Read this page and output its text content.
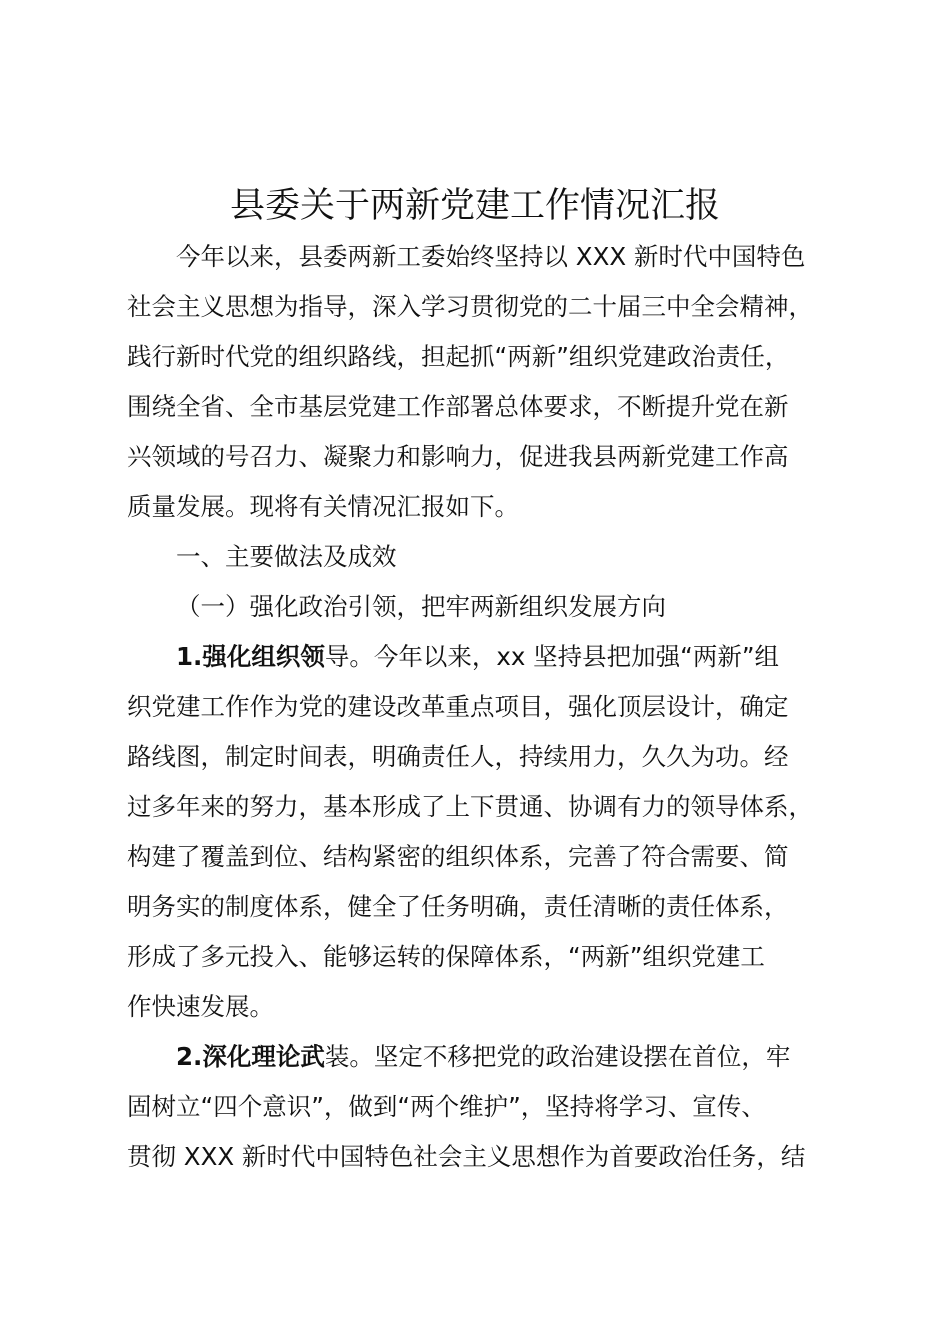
县委关于两新党建工作情况汇报
今年以来，县委两新工委始终坚持以 XXX 新时代中国特色
社会主义思想为指导，深入学习贯彻党的二十届三中全会精神，
践行新时代党的组织路线，担起抓“两新”组织党建政治责任，
围绕全省、全市基层党建工作部署总体要求，不断提升党在新
兴领域的号召力、凝聚力和影响力，促进我县两新党建工作高
质量发展。现将有关情况汇报如下。
一、主要做法及成效
（一）强化政治引领，把牢两新组织发展方向
1.强化组织领导。今年以来，xx 坚持县把加强“两新”组
织党建工作作为党的建设改革重点项目，强化顶层设计，确定
路线图，制定时间表，明确责任人，持续用力，久久为功。经
过多年来的努力，基本形成了上下贯通、协调有力的领导体系，
构建了覆盖到位、结构紧密的组织体系，完善了符合需要、简
明务实的制度体系，健全了任务明确，责任清晰的责任体系，
形成了多元投入、能够运转的保障体系，“两新”组织党建工
作快速发展。
2.深化理论武装。坚定不移把党的政治建设摆在首位，牢
固树立“四个意识”，做到“两个维护”，坚持将学习、宣传、
贯彻 XXX 新时代中国特色社会主义思想作为首要政治任务，结
